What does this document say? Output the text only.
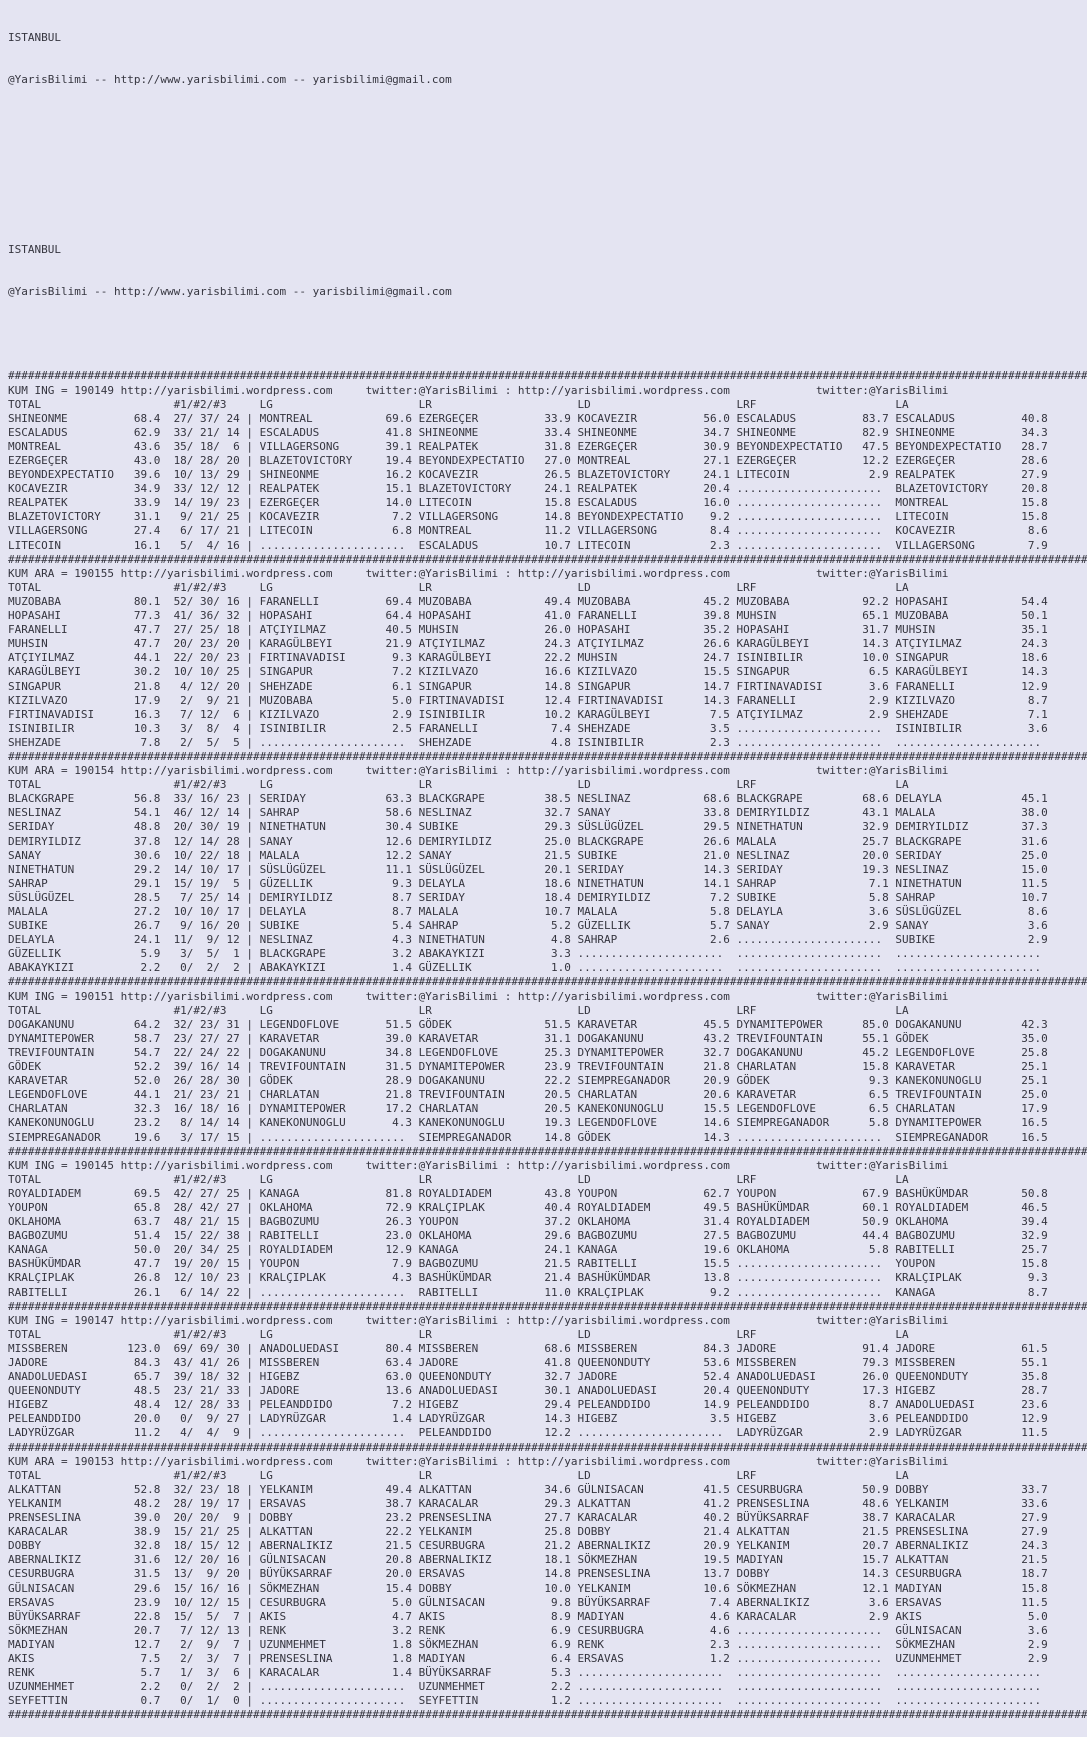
ISTANBUL

@YarisBilimi -- http://www.yarisbilimi.com -- yarisbilimi@gmail.com

ISTANBUL

@YarisBilimi -- http://www.yarisbilimi.com -- yarisbilimi@gmail.com

###################################################################################################################################################################
KUM ING = 190149 http://yarisbilimi.wordpress.com     twitter:@YarisBilimi : http://yarisbilimi.wordpress.com             twitter:@YarisBilimi
TOTAL                    #1/#2/#3     LG                      LR                      LD                      LRF                     LA
SHINEONME          68.4  27/ 37/ 24 | MONTREAL           69.6 EZERGEÇER          33.9 KOCAVEZIR          56.0 ESCALADUS          83.7 ESCALADUS          40.8
ESCALADUS          62.9  33/ 21/ 14 | ESCALADUS          41.8 SHINEONME          33.4 SHINEONME          34.7 SHINEONME          82.9 SHINEONME          34.3
MONTREAL           43.6  35/ 18/  6 | VILLAGERSONG       39.1 REALPATEK          31.8 EZERGEÇER          30.9 BEYONDEXPECTATIO   47.5 BEYONDEXPECTATIO   28.7
EZERGEÇER          43.0  18/ 28/ 20 | BLAZETOVICTORY     19.4 BEYONDEXPECTATIO   27.0 MONTREAL           27.1 EZERGEÇER          12.2 EZERGEÇER          28.6
BEYONDEXPECTATIO   39.6  10/ 13/ 29 | SHINEONME          16.2 KOCAVEZIR          26.5 BLAZETOVICTORY     24.1 LITECOIN            2.9 REALPATEK          27.9
KOCAVEZIR          34.9  33/ 12/ 12 | REALPATEK          15.1 BLAZETOVICTORY     24.1 REALPATEK          20.4 ......................  BLAZETOVICTORY     20.8
REALPATEK          33.9  14/ 19/ 23 | EZERGEÇER          14.0 LITECOIN           15.8 ESCALADUS          16.0 ......................  MONTREAL           15.8
BLAZETOVICTORY     31.1   9/ 21/ 25 | KOCAVEZIR           7.2 VILLAGERSONG       14.8 BEYONDEXPECTATIO    9.2 ......................  LITECOIN           15.8
VILLAGERSONG       27.4   6/ 17/ 21 | LITECOIN            6.8 MONTREAL           11.2 VILLAGERSONG        8.4 ......................  KOCAVEZIR           8.6
LITECOIN           16.1   5/  4/ 16 | ......................  ESCALADUS          10.7 LITECOIN            2.3 ......................  VILLAGERSONG        7.9
###################################################################################################################################################################
KUM ARA = 190155 http://yarisbilimi.wordpress.com     twitter:@YarisBilimi : http://yarisbilimi.wordpress.com             twitter:@YarisBilimi
TOTAL                    #1/#2/#3     LG                      LR                      LD                      LRF                     LA
MUZOBABA           80.1  52/ 30/ 16 | FARANELLI          69.4 MUZOBABA           49.4 MUZOBABA           45.2 MUZOBABA           92.2 HOPASAHI           54.4
HOPASAHI           77.3  41/ 36/ 32 | HOPASAHI           64.4 HOPASAHI           41.0 FARANELLI          39.8 MUHSIN             65.1 MUZOBABA           50.1
FARANELLI          47.7  27/ 25/ 18 | ATÇIYILMAZ         40.5 MUHSIN             26.0 HOPASAHI           35.2 HOPASAHI           31.7 MUHSIN             35.1
MUHSIN             47.7  20/ 23/ 20 | KARAGÜLBEYI        21.9 ATÇIYILMAZ         24.3 ATÇIYILMAZ         26.6 KARAGÜLBEYI        14.3 ATÇIYILMAZ         24.3
ATÇIYILMAZ         44.1  22/ 20/ 23 | FIRTINAVADISI       9.3 KARAGÜLBEYI        22.2 MUHSIN             24.7 ISINIBILIR         10.0 SINGAPUR           18.6
KARAGÜLBEYI        30.2  10/ 10/ 25 | SINGAPUR            7.2 KIZILVAZO          16.6 KIZILVAZO          15.5 SINGAPUR            6.5 KARAGÜLBEYI        14.3
SINGAPUR           21.8   4/ 12/ 20 | SHEHZADE            6.1 SINGAPUR           14.8 SINGAPUR           14.7 FIRTINAVADISI       3.6 FARANELLI          12.9
KIZILVAZO          17.9   2/  9/ 21 | MUZOBABA            5.0 FIRTINAVADISI      12.4 FIRTINAVADISI      14.3 FARANELLI           2.9 KIZILVAZO           8.7
FIRTINAVADISI      16.3   7/ 12/  6 | KIZILVAZO           2.9 ISINIBILIR         10.2 KARAGÜLBEYI         7.5 ATÇIYILMAZ          2.9 SHEHZADE            7.1
ISINIBILIR         10.3   3/  8/  4 | ISINIBILIR          2.5 FARANELLI           7.4 SHEHZADE            3.5 ......................  ISINIBILIR          3.6
SHEHZADE            7.8   2/  5/  5 | ......................  SHEHZADE            4.8 ISINIBILIR          2.3 ......................  ......................
###################################################################################################################################################################
KUM ARA = 190154 http://yarisbilimi.wordpress.com     twitter:@YarisBilimi : http://yarisbilimi.wordpress.com             twitter:@YarisBilimi
TOTAL                    #1/#2/#3     LG                      LR                      LD                      LRF                     LA
BLACKGRAPE         56.8  33/ 16/ 23 | SERIDAY            63.3 BLACKGRAPE         38.5 NESLINAZ           68.6 BLACKGRAPE         68.6 DELAYLA            45.1
NESLINAZ           54.1  46/ 12/ 14 | SAHRAP             58.6 NESLINAZ           32.7 SANAY              33.8 DEMIRYILDIZ        43.1 MALALA             38.0
SERIDAY            48.8  20/ 30/ 19 | NINETHATUN         30.4 SUBIKE             29.3 SÜSLÜGÜZEL         29.5 NINETHATUN         32.9 DEMIRYILDIZ        37.3
DEMIRYILDIZ        37.8  12/ 14/ 28 | SANAY              12.6 DEMIRYILDIZ        25.0 BLACKGRAPE         26.6 MALALA             25.7 BLACKGRAPE         31.6
SANAY              30.6  10/ 22/ 18 | MALALA             12.2 SANAY              21.5 SUBIKE             21.0 NESLINAZ           20.0 SERIDAY            25.0
NINETHATUN         29.2  14/ 10/ 17 | SÜSLÜGÜZEL         11.1 SÜSLÜGÜZEL         20.1 SERIDAY            14.3 SERIDAY            19.3 NESLINAZ           15.0
SAHRAP             29.1  15/ 19/  5 | GÜZELLIK            9.3 DELAYLA            18.6 NINETHATUN         14.1 SAHRAP              7.1 NINETHATUN         11.5
SÜSLÜGÜZEL         28.5   7/ 25/ 14 | DEMIRYILDIZ         8.7 SERIDAY            18.4 DEMIRYILDIZ         7.2 SUBIKE              5.8 SAHRAP             10.7
MALALA             27.2  10/ 10/ 17 | DELAYLA             8.7 MALALA             10.7 MALALA              5.8 DELAYLA             3.6 SÜSLÜGÜZEL          8.6
SUBIKE             26.7   9/ 16/ 20 | SUBIKE              5.4 SAHRAP              5.2 GÜZELLIK            5.7 SANAY               2.9 SANAY               3.6
DELAYLA            24.1  11/  9/ 12 | NESLINAZ            4.3 NINETHATUN          4.8 SAHRAP              2.6 ......................  SUBIKE              2.9
GÜZELLIK            5.9   3/  5/  1 | BLACKGRAPE          3.2 ABAKAYKIZI          3.3 ......................  ......................  ......................
ABAKAYKIZI          2.2   0/  2/  2 | ABAKAYKIZI          1.4 GÜZELLIK            1.0 ......................  ......................  ......................
###################################################################################################################################################################
KUM ING = 190151 http://yarisbilimi.wordpress.com     twitter:@YarisBilimi : http://yarisbilimi.wordpress.com             twitter:@YarisBilimi
TOTAL                    #1/#2/#3     LG                      LR                      LD                      LRF                     LA
DOGAKANUNU         64.2  32/ 23/ 31 | LEGENDOFLOVE       51.5 GÖDEK              51.5 KARAVETAR          45.5 DYNAMITEPOWER      85.0 DOGAKANUNU         42.3
DYNAMITEPOWER      58.7  23/ 27/ 27 | KARAVETAR          39.0 KARAVETAR          31.1 DOGAKANUNU         43.2 TREVIFOUNTAIN      55.1 GÖDEK              35.0
TREVIFOUNTAIN      54.7  22/ 24/ 22 | DOGAKANUNU         34.8 LEGENDOFLOVE       25.3 DYNAMITEPOWER      32.7 DOGAKANUNU         45.2 LEGENDOFLOVE       25.8
GÖDEK              52.2  39/ 16/ 14 | TREVIFOUNTAIN      31.5 DYNAMITEPOWER      23.9 TREVIFOUNTAIN      21.8 CHARLATAN          15.8 KARAVETAR          25.1
KARAVETAR          52.0  26/ 28/ 30 | GÖDEK              28.9 DOGAKANUNU         22.2 SIEMPREGANADOR     20.9 GÖDEK               9.3 KANEKONUNOGLU      25.1
LEGENDOFLOVE       44.1  21/ 23/ 21 | CHARLATAN          21.8 TREVIFOUNTAIN      20.5 CHARLATAN          20.6 KARAVETAR           6.5 TREVIFOUNTAIN      25.0
CHARLATAN          32.3  16/ 18/ 16 | DYNAMITEPOWER      17.2 CHARLATAN          20.5 KANEKONUNOGLU      15.5 LEGENDOFLOVE        6.5 CHARLATAN          17.9
KANEKONUNOGLU      23.2   8/ 14/ 14 | KANEKONUNOGLU       4.3 KANEKONUNOGLU      19.3 LEGENDOFLOVE       14.6 SIEMPREGANADOR      5.8 DYNAMITEPOWER      16.5
SIEMPREGANADOR     19.6   3/ 17/ 15 | ......................  SIEMPREGANADOR     14.8 GÖDEK              14.3 ......................  SIEMPREGANADOR     16.5
###################################################################################################################################################################
KUM ING = 190145 http://yarisbilimi.wordpress.com     twitter:@YarisBilimi : http://yarisbilimi.wordpress.com             twitter:@YarisBilimi
TOTAL                    #1/#2/#3     LG                      LR                      LD                      LRF                     LA
ROYALDIADEM        69.5  42/ 27/ 25 | KANAGA             81.8 ROYALDIADEM        43.8 YOUPON             62.7 YOUPON             67.9 BASHÜKÜMDAR        50.8
YOUPON             65.8  28/ 42/ 27 | OKLAHOMA           72.9 KRALÇIPLAK         40.4 ROYALDIADEM        49.5 BASHÜKÜMDAR        60.1 ROYALDIADEM        46.5
OKLAHOMA           63.7  48/ 21/ 15 | BAGBOZUMU          26.3 YOUPON             37.2 OKLAHOMA           31.4 ROYALDIADEM        50.9 OKLAHOMA           39.4
BAGBOZUMU          51.4  15/ 22/ 38 | RABITELLI          23.0 OKLAHOMA           29.6 BAGBOZUMU          27.5 BAGBOZUMU          44.4 BAGBOZUMU          32.9
KANAGA             50.0  20/ 34/ 25 | ROYALDIADEM        12.9 KANAGA             24.1 KANAGA             19.6 OKLAHOMA            5.8 RABITELLI          25.7
BASHÜKÜMDAR        47.7  19/ 20/ 15 | YOUPON              7.9 BAGBOZUMU          21.5 RABITELLI          15.5 ......................  YOUPON             15.8
KRALÇIPLAK         26.8  12/ 10/ 23 | KRALÇIPLAK          4.3 BASHÜKÜMDAR        21.4 BASHÜKÜMDAR        13.8 ......................  KRALÇIPLAK          9.3
RABITELLI          26.1   6/ 14/ 22 | ......................  RABITELLI          11.0 KRALÇIPLAK          9.2 ......................  KANAGA              8.7
###################################################################################################################################################################
KUM ING = 190147 http://yarisbilimi.wordpress.com     twitter:@YarisBilimi : http://yarisbilimi.wordpress.com             twitter:@YarisBilimi
TOTAL                    #1/#2/#3     LG                      LR                      LD                      LRF                     LA
MISSBEREN         123.0  69/ 69/ 30 | ANADOLUEDASI       80.4 MISSBEREN          68.6 MISSBEREN          84.3 JADORE             91.4 JADORE             61.5
JADORE             84.3  43/ 41/ 26 | MISSBEREN          63.4 JADORE             41.8 QUEENONDUTY        53.6 MISSBEREN          79.3 MISSBEREN          55.1
ANADOLUEDASI       65.7  39/ 18/ 32 | HIGEBZ             63.0 QUEENONDUTY        32.7 JADORE             52.4 ANADOLUEDASI       26.0 QUEENONDUTY        35.8
QUEENONDUTY        48.5  23/ 21/ 33 | JADORE             13.6 ANADOLUEDASI       30.1 ANADOLUEDASI       20.4 QUEENONDUTY        17.3 HIGEBZ             28.7
HIGEBZ             48.4  12/ 28/ 33 | PELEANDDIDO         7.2 HIGEBZ             29.4 PELEANDDIDO        14.9 PELEANDDIDO         8.7 ANADOLUEDASI       23.6
PELEANDDIDO        20.0   0/  9/ 27 | LADYRÜZGAR          1.4 LADYRÜZGAR         14.3 HIGEBZ              3.5 HIGEBZ              3.6 PELEANDDIDO        12.9
LADYRÜZGAR         11.2   4/  4/  9 | ......................  PELEANDDIDO        12.2 ......................  LADYRÜZGAR          2.9 LADYRÜZGAR         11.5
###################################################################################################################################################################
KUM ARA = 190153 http://yarisbilimi.wordpress.com     twitter:@YarisBilimi : http://yarisbilimi.wordpress.com             twitter:@YarisBilimi
TOTAL                    #1/#2/#3     LG                      LR                      LD                      LRF                     LA
ALKATTAN           52.8  32/ 23/ 18 | YELKANIM           49.4 ALKATTAN           34.6 GÜLNISACAN         41.5 CESURBUGRA         50.9 DOBBY              33.7
YELKANIM           48.2  28/ 19/ 17 | ERSAVAS            38.7 KARACALAR          29.3 ALKATTAN           41.2 PRENSESLINA        48.6 YELKANIM           33.6
PRENSESLINA        39.0  20/ 20/  9 | DOBBY              23.2 PRENSESLINA        27.7 KARACALAR          40.2 BÜYÜKSARRAF        38.7 KARACALAR          27.9
KARACALAR          38.9  15/ 21/ 25 | ALKATTAN           22.2 YELKANIM           25.8 DOBBY              21.4 ALKATTAN           21.5 PRENSESLINA        27.9
DOBBY              32.8  18/ 15/ 12 | ABERNALIKIZ        21.5 CESURBUGRA         21.2 ABERNALIKIZ        20.9 YELKANIM           20.7 ABERNALIKIZ        24.3
ABERNALIKIZ        31.6  12/ 20/ 16 | GÜLNISACAN         20.8 ABERNALIKIZ        18.1 SÖKMEZHAN          19.5 MADIYAN            15.7 ALKATTAN           21.5
CESURBUGRA         31.5  13/  9/ 20 | BÜYÜKSARRAF        20.0 ERSAVAS            14.8 PRENSESLINA        13.7 DOBBY              14.3 CESURBUGRA         18.7
GÜLNISACAN         29.6  15/ 16/ 16 | SÖKMEZHAN          15.4 DOBBY              10.0 YELKANIM           10.6 SÖKMEZHAN          12.1 MADIYAN            15.8
ERSAVAS            23.9  10/ 12/ 15 | CESURBUGRA          5.0 GÜLNISACAN          9.8 BÜYÜKSARRAF         7.4 ABERNALIKIZ         3.6 ERSAVAS            11.5
BÜYÜKSARRAF        22.8  15/  5/  7 | AKIS                4.7 AKIS                8.9 MADIYAN             4.6 KARACALAR           2.9 AKIS                5.0
SÖKMEZHAN          20.7   7/ 12/ 13 | RENK                3.2 RENK                6.9 CESURBUGRA          4.6 ......................  GÜLNISACAN          3.6
MADIYAN            12.7   2/  9/  7 | UZUNMEHMET          1.8 SÖKMEZHAN           6.9 RENK                2.3 ......................  SÖKMEZHAN           2.9
AKIS                7.5   2/  3/  7 | PRENSESLINA         1.8 MADIYAN             6.4 ERSAVAS             1.2 ......................  UZUNMEHMET          2.9
RENK                5.7   1/  3/  6 | KARACALAR           1.4 BÜYÜKSARRAF         5.3 ......................  ......................  ......................
UZUNMEHMET          2.2   0/  2/  2 | ......................  UZUNMEHMET          2.2 ......................  ......................  ......................
SEYFETTIN           0.7   0/  1/  0 | ......................  SEYFETTIN           1.2 ......................  ......................  ......................
###################################################################################################################################################################
